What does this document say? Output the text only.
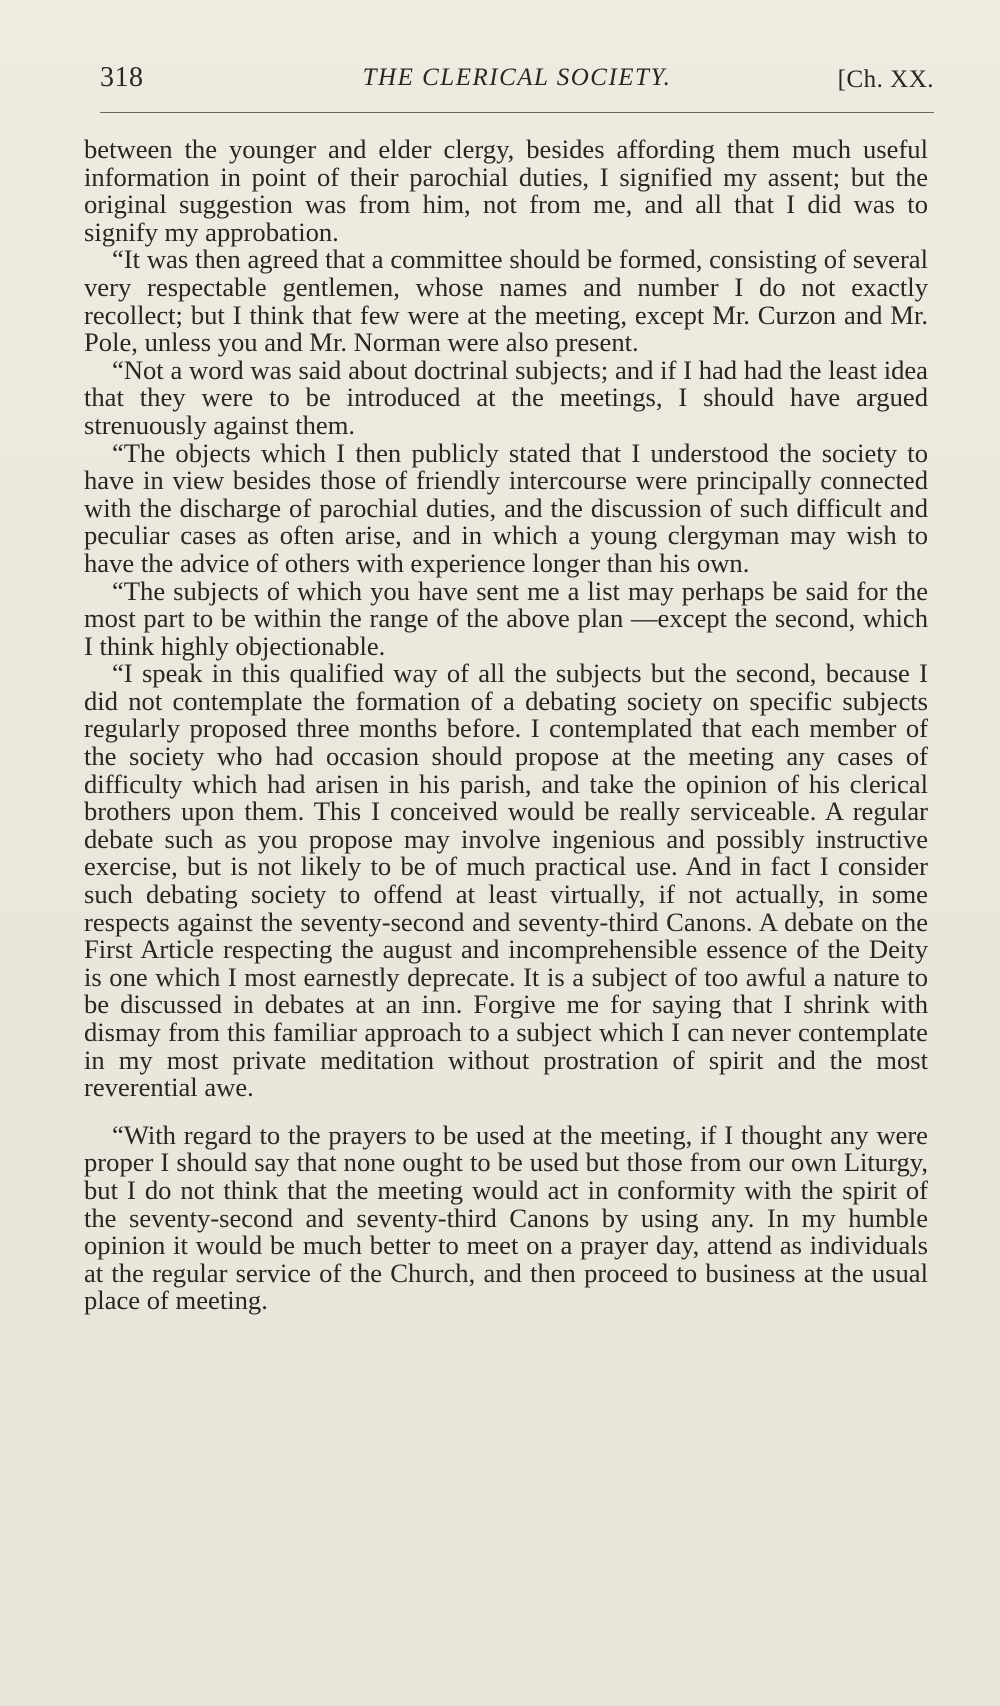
318	THE CLERICAL SOCIETY.	[Ch. XX.

between the younger and elder clergy, besides affording them much useful information in point of their parochial duties, I signified my assent; but the original suggestion was from him, not from me, and all that I did was to signify my approbation.

“It was then agreed that a committee should be formed, consisting of several very respectable gentlemen, whose names and number I do not exactly recollect; but I think that few were at the meeting, except Mr. Curzon and Mr. Pole, unless you and Mr. Norman were also present.

“Not a word was said about doctrinal subjects; and if I had had the least idea that they were to be introduced at the meetings, I should have argued strenuously against them.

“The objects which I then publicly stated that I understood the society to have in view besides those of friendly intercourse were principally connected with the discharge of parochial duties, and the discussion of such difficult and peculiar cases as often arise, and in which a young clergyman may wish to have the advice of others with experience longer than his own.

“The subjects of which you have sent me a list may perhaps be said for the most part to be within the range of the above plan —except the second, which I think highly objectionable.

“I speak in this qualified way of all the subjects but the second, because I did not contemplate the formation of a debating society on specific subjects regularly proposed three months before. I contemplated that each member of the society who had occasion should propose at the meeting any cases of difficulty which had arisen in his parish, and take the opinion of his clerical brothers upon them. This I conceived would be really serviceable. A regular debate such as you propose may involve ingenious and possibly instructive exercise, but is not likely to be of much practical use. And in fact I consider such debating society to offend at least virtually, if not actually, in some respects against the seventy-second and seventy-third Canons. A debate on the First Article respecting the august and incomprehensible essence of the Deity is one which I most earnestly deprecate. It is a subject of too awful a nature to be discussed in debates at an inn. Forgive me for saying that I shrink with dismay from this familiar approach to a subject which I can never contemplate in my most private meditation without prostration of spirit and the most reverential awe.

“With regard to the prayers to be used at the meeting, if I thought any were proper I should say that none ought to be used but those from our own Liturgy, but I do not think that the meeting would act in conformity with the spirit of the seventy-second and seventy-third Canons by using any. In my humble opinion it would be much better to meet on a prayer day, attend as individuals at the regular service of the Church, and then proceed to business at the usual place of meeting.
